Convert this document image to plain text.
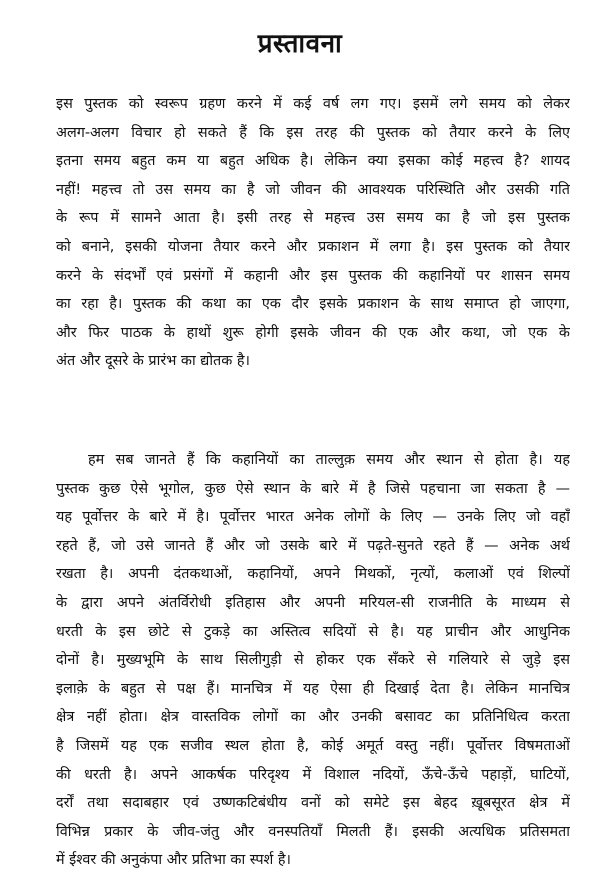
प्रस्तावना

इस पुस्तक को स्वरूप ग्रहण करने में कई वर्ष लग गए। इसमें लगे समय को लेकर
अलग-अलग विचार हो सकते हैं कि इस तरह की पुस्तक को तैयार करने के लिए
इतना समय बहुत कम या बहुत अधिक है। लेकिन क्या इसका कोई महत्त्व है? शायद
नहीं! महत्त्व तो उस समय का है जो जीवन की आवश्यक परिस्थिति और उसकी गति
के रूप में सामने आता है। इसी तरह से महत्त्व उस समय का है जो इस पुस्तक
को बनाने, इसकी योजना तैयार करने और प्रकाशन में लगा है। इस पुस्तक को तैयार
करने के संदर्भों एवं प्रसंगों में कहानी और इस पुस्तक की कहानियों पर शासन समय
का रहा है। पुस्तक की कथा का एक दौर इसके प्रकाशन के साथ समाप्त हो जाएगा,
और फिर पाठक के हाथों शुरू होगी इसके जीवन की एक और कथा, जो एक के
अंत और दूसरे के प्रारंभ का द्योतक है।

हम सब जानते हैं कि कहानियों का ताल्लुक़ समय और स्थान से होता है। यह
पुस्तक कुछ ऐसे भूगोल, कुछ ऐसे स्थान के बारे में है जिसे पहचाना जा सकता है —
यह पूर्वोत्तर के बारे में है। पूर्वोत्तर भारत अनेक लोगों के लिए — उनके लिए जो वहाँ
रहते हैं, जो उसे जानते हैं और जो उसके बारे में पढ़ते-सुनते रहते हैं — अनेक अर्थ
रखता है। अपनी दंतकथाओं, कहानियों, अपने मिथकों, नृत्यों, कलाओं एवं शिल्पों
के द्वारा अपने अंतर्विरोधी इतिहास और अपनी मरियल-सी राजनीति के माध्यम से
धरती के इस छोटे से टुकड़े का अस्तित्व सदियों से है। यह प्राचीन और आधुनिक
दोनों है। मुख्यभूमि के साथ सिलीगुड़ी से होकर एक सँकरे से गलियारे से जुड़े इस
इलाक़े के बहुत से पक्ष हैं। मानचित्र में यह ऐसा ही दिखाई देता है। लेकिन मानचित्र
क्षेत्र नहीं होता। क्षेत्र वास्तविक लोगों का और उनकी बसावट का प्रतिनिधित्व करता
है जिसमें यह एक सजीव स्थल होता है, कोई अमूर्त वस्तु नहीं। पूर्वोत्तर विषमताओं
की धरती है। अपने आकर्षक परिदृश्य में विशाल नदियों, ऊँचे-ऊँचे पहाड़ों, घाटियों,
दर्रों तथा सदाबहार एवं उष्णकटिबंधीय वनों को समेटे इस बेहद ख़ूबसूरत क्षेत्र में
विभिन्न प्रकार के जीव-जंतु और वनस्पतियाँ मिलती हैं। इसकी अत्यधिक प्रतिसमता
में ईश्वर की अनुकंपा और प्रतिभा का स्पर्श है।
